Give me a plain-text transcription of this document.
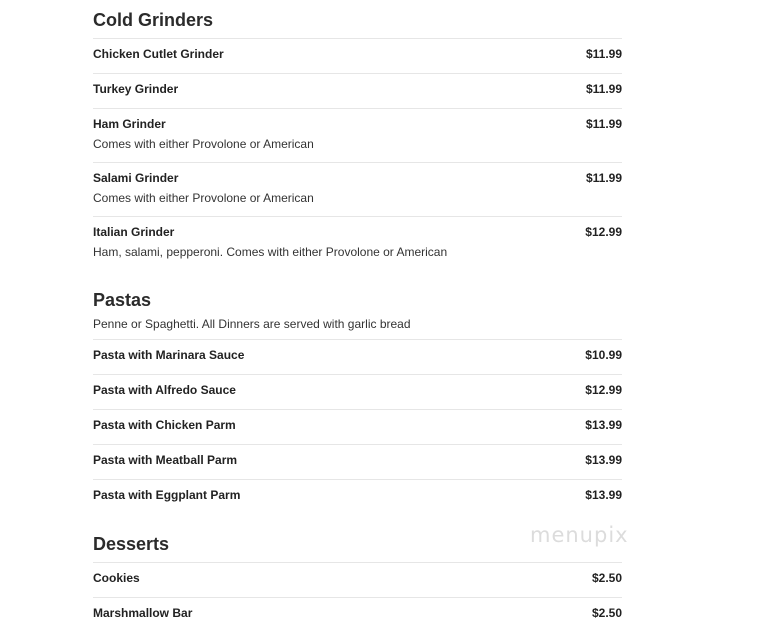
Cold Grinders
Chicken Cutlet Grinder	$11.99
Turkey Grinder	$11.99
Ham Grinder	$11.99
Comes with either Provolone or American
Salami Grinder	$11.99
Comes with either Provolone or American
Italian Grinder	$12.99
Ham, salami, pepperoni. Comes with either Provolone or American
Pastas
Penne or Spaghetti. All Dinners are served with garlic bread
Pasta with Marinara Sauce	$10.99
Pasta with Alfredo Sauce	$12.99
Pasta with Chicken Parm	$13.99
Pasta with Meatball Parm	$13.99
Pasta with Eggplant Parm	$13.99
Desserts
Cookies	$2.50
Marshmallow Bar	$2.50
menupix
